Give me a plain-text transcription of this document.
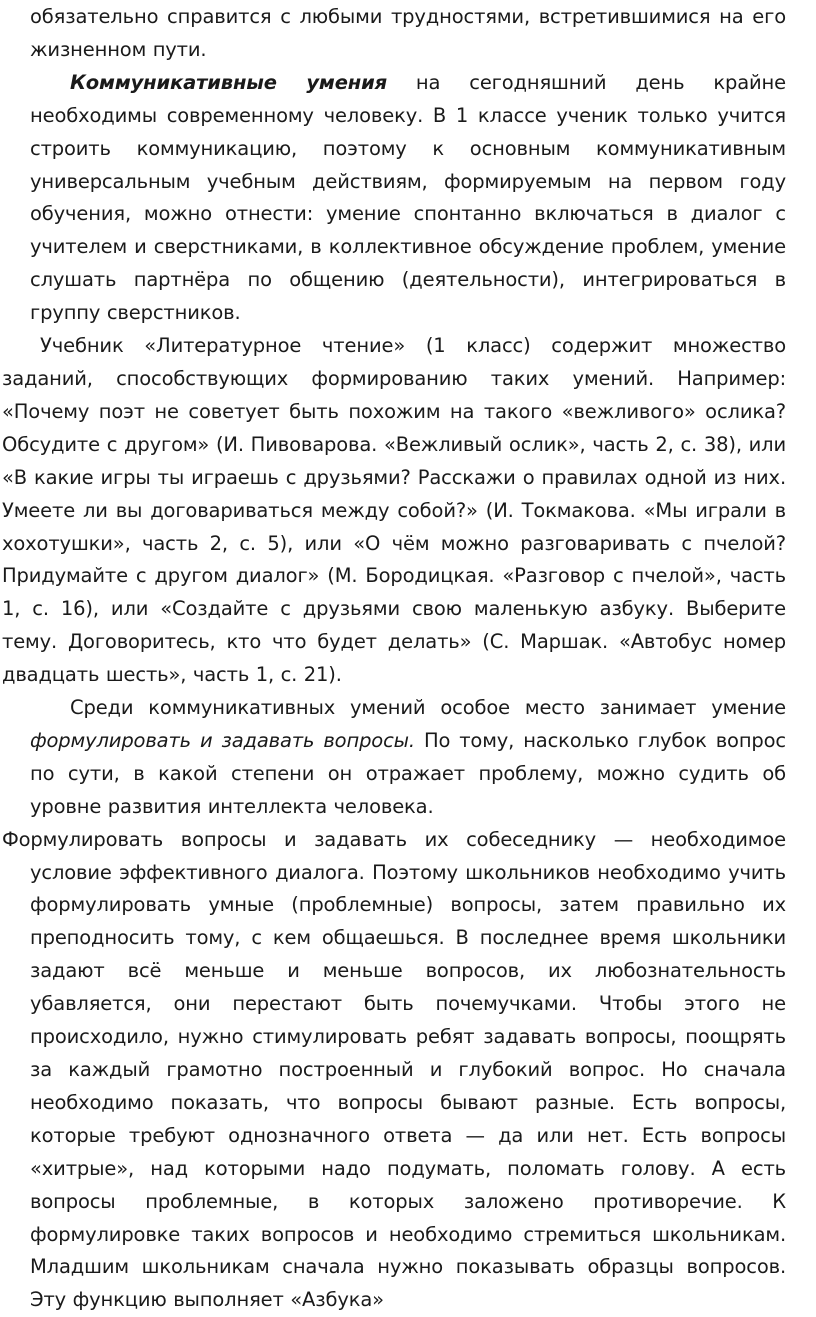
обязательно справится с любыми трудностями, встретившимися на его жизненном пути.

Коммуникативные умения на сегодняшний день крайне необходимы современному человеку. В 1 классе ученик только учится строить коммуникацию, поэтому к основным коммуникативным универсальным учебным действиям, формируемым на первом году обучения, можно отнести: умение спонтанно включаться в диалог с учителем и сверстниками, в коллективное обсуждение проблем, умение слушать партнёра по общению (деятельности), интегрироваться в группу сверстников.

Учебник «Литературное чтение» (1 класс) содержит множество заданий, способствующих формированию таких умений. Например: «Почему поэт не советует быть похожим на такого «вежливого» ослика? Обсудите с другом» (И. Пивоварова. «Вежливый ослик», часть 2, с. 38), или «В какие игры ты играешь с друзьями? Расскажи о правилах одной из них. Умеете ли вы договариваться между собой?» (И. Токмакова. «Мы играли в хохотушки», часть 2, с. 5), или «О чём можно разговаривать с пчелой? Придумайте с другом диалог» (М. Бородицкая. «Разговор с пчелой», часть 1, с. 16), или «Создайте с друзьями свою маленькую азбуку. Выберите тему. Договоритесь, кто что будет делать» (С. Маршак. «Автобус номер двадцать шесть», часть 1, с. 21).

Среди коммуникативных умений особое место занимает умение формулировать и задавать вопросы. По тому, насколько глубок вопрос по сути, в какой степени он отражает проблему, можно судить об уровне развития интеллекта человека.

Формулировать вопросы и задавать их собеседнику — необходимое условие эффективного диалога. Поэтому школьников необходимо учить формулировать умные (проблемные) вопросы, затем правильно их преподносить тому, с кем общаешься. В последнее время школьники задают всё меньше и меньше вопросов, их любознательность убавляется, они перестают быть почемучками. Чтобы этого не происходило, нужно стимулировать ребят задавать вопросы, поощрять за каждый грамотно построенный и глубокий вопрос. Но сначала необходимо показать, что вопросы бывают разные. Есть вопросы, которые требуют однозначного ответа — да или нет. Есть вопросы «хитрые», над которыми надо подумать, поломать голову. А есть вопросы проблемные, в которых заложено противоречие. К формулировке таких вопросов и необходимо стремиться школьникам. Младшим школьникам сначала нужно показывать образцы вопросов. Эту функцию выполняет «Азбука»
